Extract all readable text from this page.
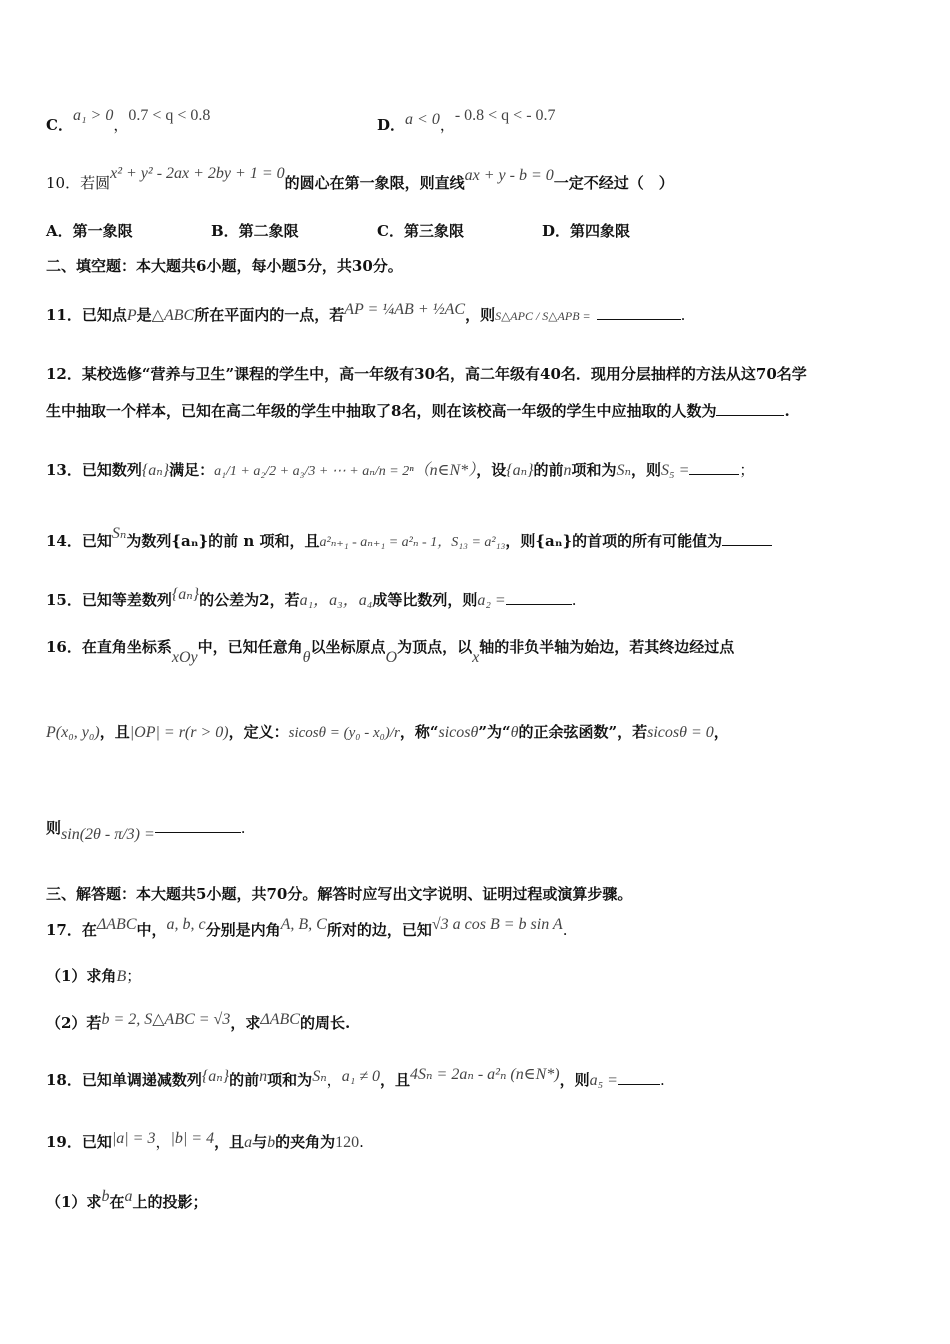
C．a₁ > 0，0.7 < q < 0.8
D．a < 0，- 0.8 < q < - 0.7
10．若圆x² + y² - 2ax + 2by + 1 = 0的圆心在第一象限，则直线ax + y - b = 0一定不经过（　）
A．第一象限	B．第二象限	C．第三象限	D．第四象限
二、填空题：本大题共6小题，每小题5分，共30分。
11．已知点P是△ABC所在平面内的一点，若AP = ¼AB + ½AC，则S△APC / S△APB =	.
12．某校选修“营养与卫生”课程的学生中，高一年级有30名，高二年级有40名．现用分层抽样的方法从这70名学
生中抽取一个样本，已知在高二年级的学生中抽取了8名，则在该校高一年级的学生中应抽取的人数为	.
13．已知数列{aₙ}满足：a₁/1 + a₂/2 + a₃/3 + ⋯ + aₙ/n = 2ⁿ（n∈N*），设{aₙ}的前n项和为Sₙ，则S₅ =	；
14．已知Sₙ为数列{aₙ}的前 n 项和，且a²ₙ₊₁ - aₙ₊₁ = a²ₙ - 1，S₁₃ = a²₁₃，则{aₙ}的首项的所有可能值为
15．已知等差数列{aₙ}的公差为2，若a₁，a₃，a₄成等比数列，则a₂ =	.
16．在直角坐标系xOy中，已知任意角θ以坐标原点O为顶点，以x轴的非负半轴为始边，若其终边经过点
P(x₀, y₀)，且|OP| = r(r > 0)，定义：sicosθ = (y₀ - x₀)/r，称“sicosθ”为“θ的正余弦函数”，若sicosθ = 0，
则sin(2θ - π/3) =	.
三、解答题：本大题共5小题，共70分。解答时应写出文字说明、证明过程或演算步骤。
17．在ΔABC中，a, b, c分别是内角A, B, C所对的边，已知√3 a cos B = b sin A.
（1）求角B；
（2）若b = 2, S△ABC = √3，求ΔABC的周长.
18．已知单调递减数列{aₙ}的前n项和为Sₙ，a₁ ≠ 0，且4Sₙ = 2aₙ - a²ₙ (n∈N*)，则a₅ =	.
19．已知|a| = 3，|b| = 4，且a与b的夹角为120.
（1）求b在a上的投影；
